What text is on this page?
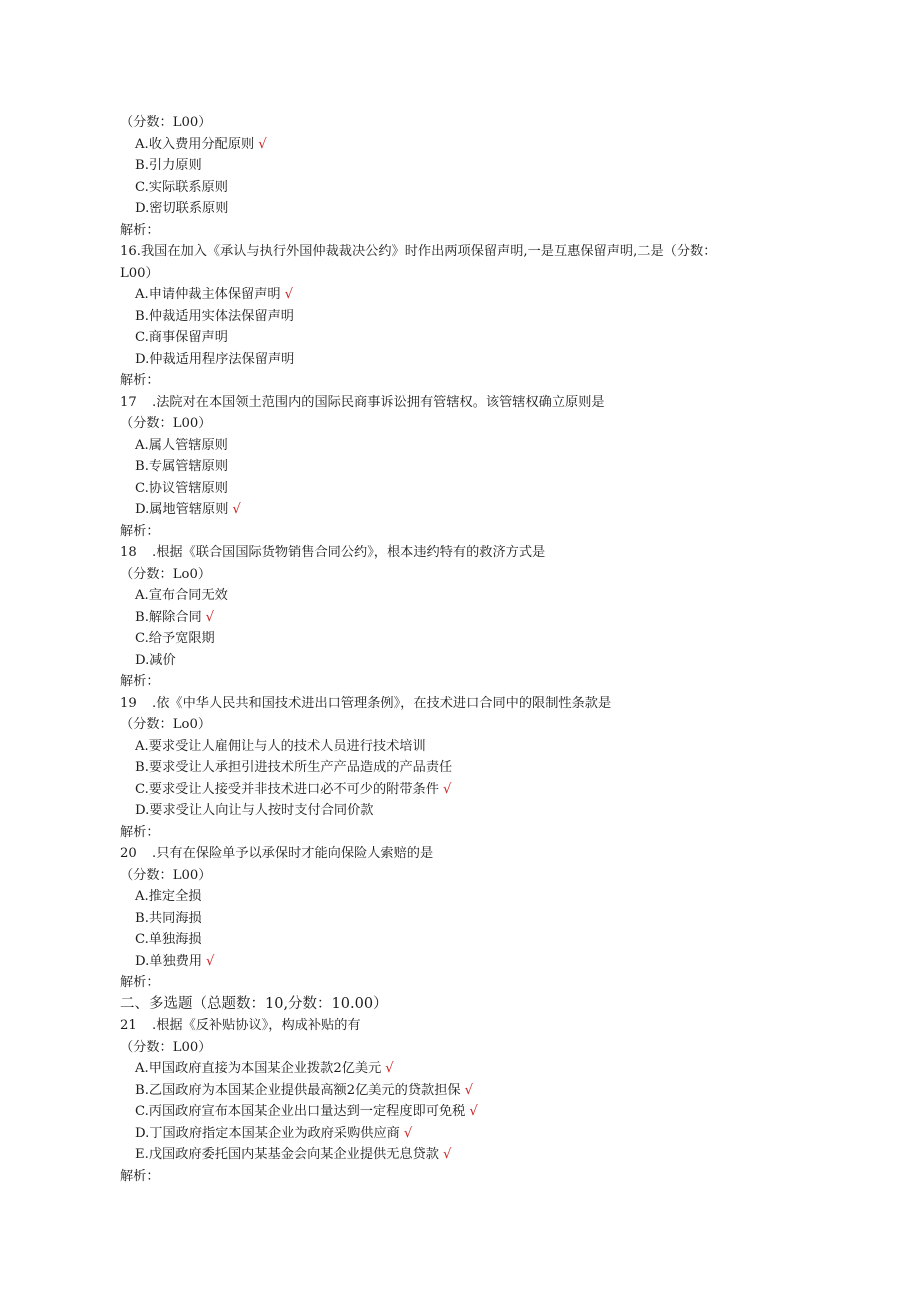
（分数：L00）
A.收入费用分配原则 √
B.引力原则
C.实际联系原则
D.密切联系原则
解析：
16.我国在加入《承认与执行外国仲裁裁决公约》时作出两项保留声明,一是互惠保留声明,二是（分数：
L00）
A.申请仲裁主体保留声明 √
B.仲裁适用实体法保留声明
C.商事保留声明
D.仲裁适用程序法保留声明
解析：
17 .法院对在本国领土范围内的国际民商事诉讼拥有管辖权。该管辖权确立原则是
（分数：L00）
A.属人管辖原则
B.专属管辖原则
C.协议管辖原则
D.属地管辖原则 √
解析：
18 .根据《联合国国际货物销售合同公约》，根本违约特有的救济方式是
（分数：Lo0）
A.宣布合同无效
B.解除合同 √
C.给予宽限期
D.减价
解析：
19 .依《中华人民共和国技术进出口管理条例》，在技术进口合同中的限制性条款是
（分数：Lo0）
A.要求受让人雇佣让与人的技术人员进行技术培训
B.要求受让人承担引进技术所生产产品造成的产品责任
C.要求受让人接受并非技术进口必不可少的附带条件 √
D.要求受让人向让与人按时支付合同价款
解析：
20 .只有在保险单予以承保时才能向保险人索赔的是
（分数：L00）
A.推定全损
B.共同海损
C.单独海损
D.单独费用 √
解析：
二、多选题（总题数：10,分数：10.00）
21 .根据《反补贴协议》，构成补贴的有
（分数：L00）
A.甲国政府直接为本国某企业拨款2亿美元 √
B.乙国政府为本国某企业提供最高额2亿美元的贷款担保 √
C.丙国政府宣布本国某企业出口量达到一定程度即可免税 √
D.丁国政府指定本国某企业为政府采购供应商 √
E.戊国政府委托国内某基金会向某企业提供无息贷款 √
解析：
